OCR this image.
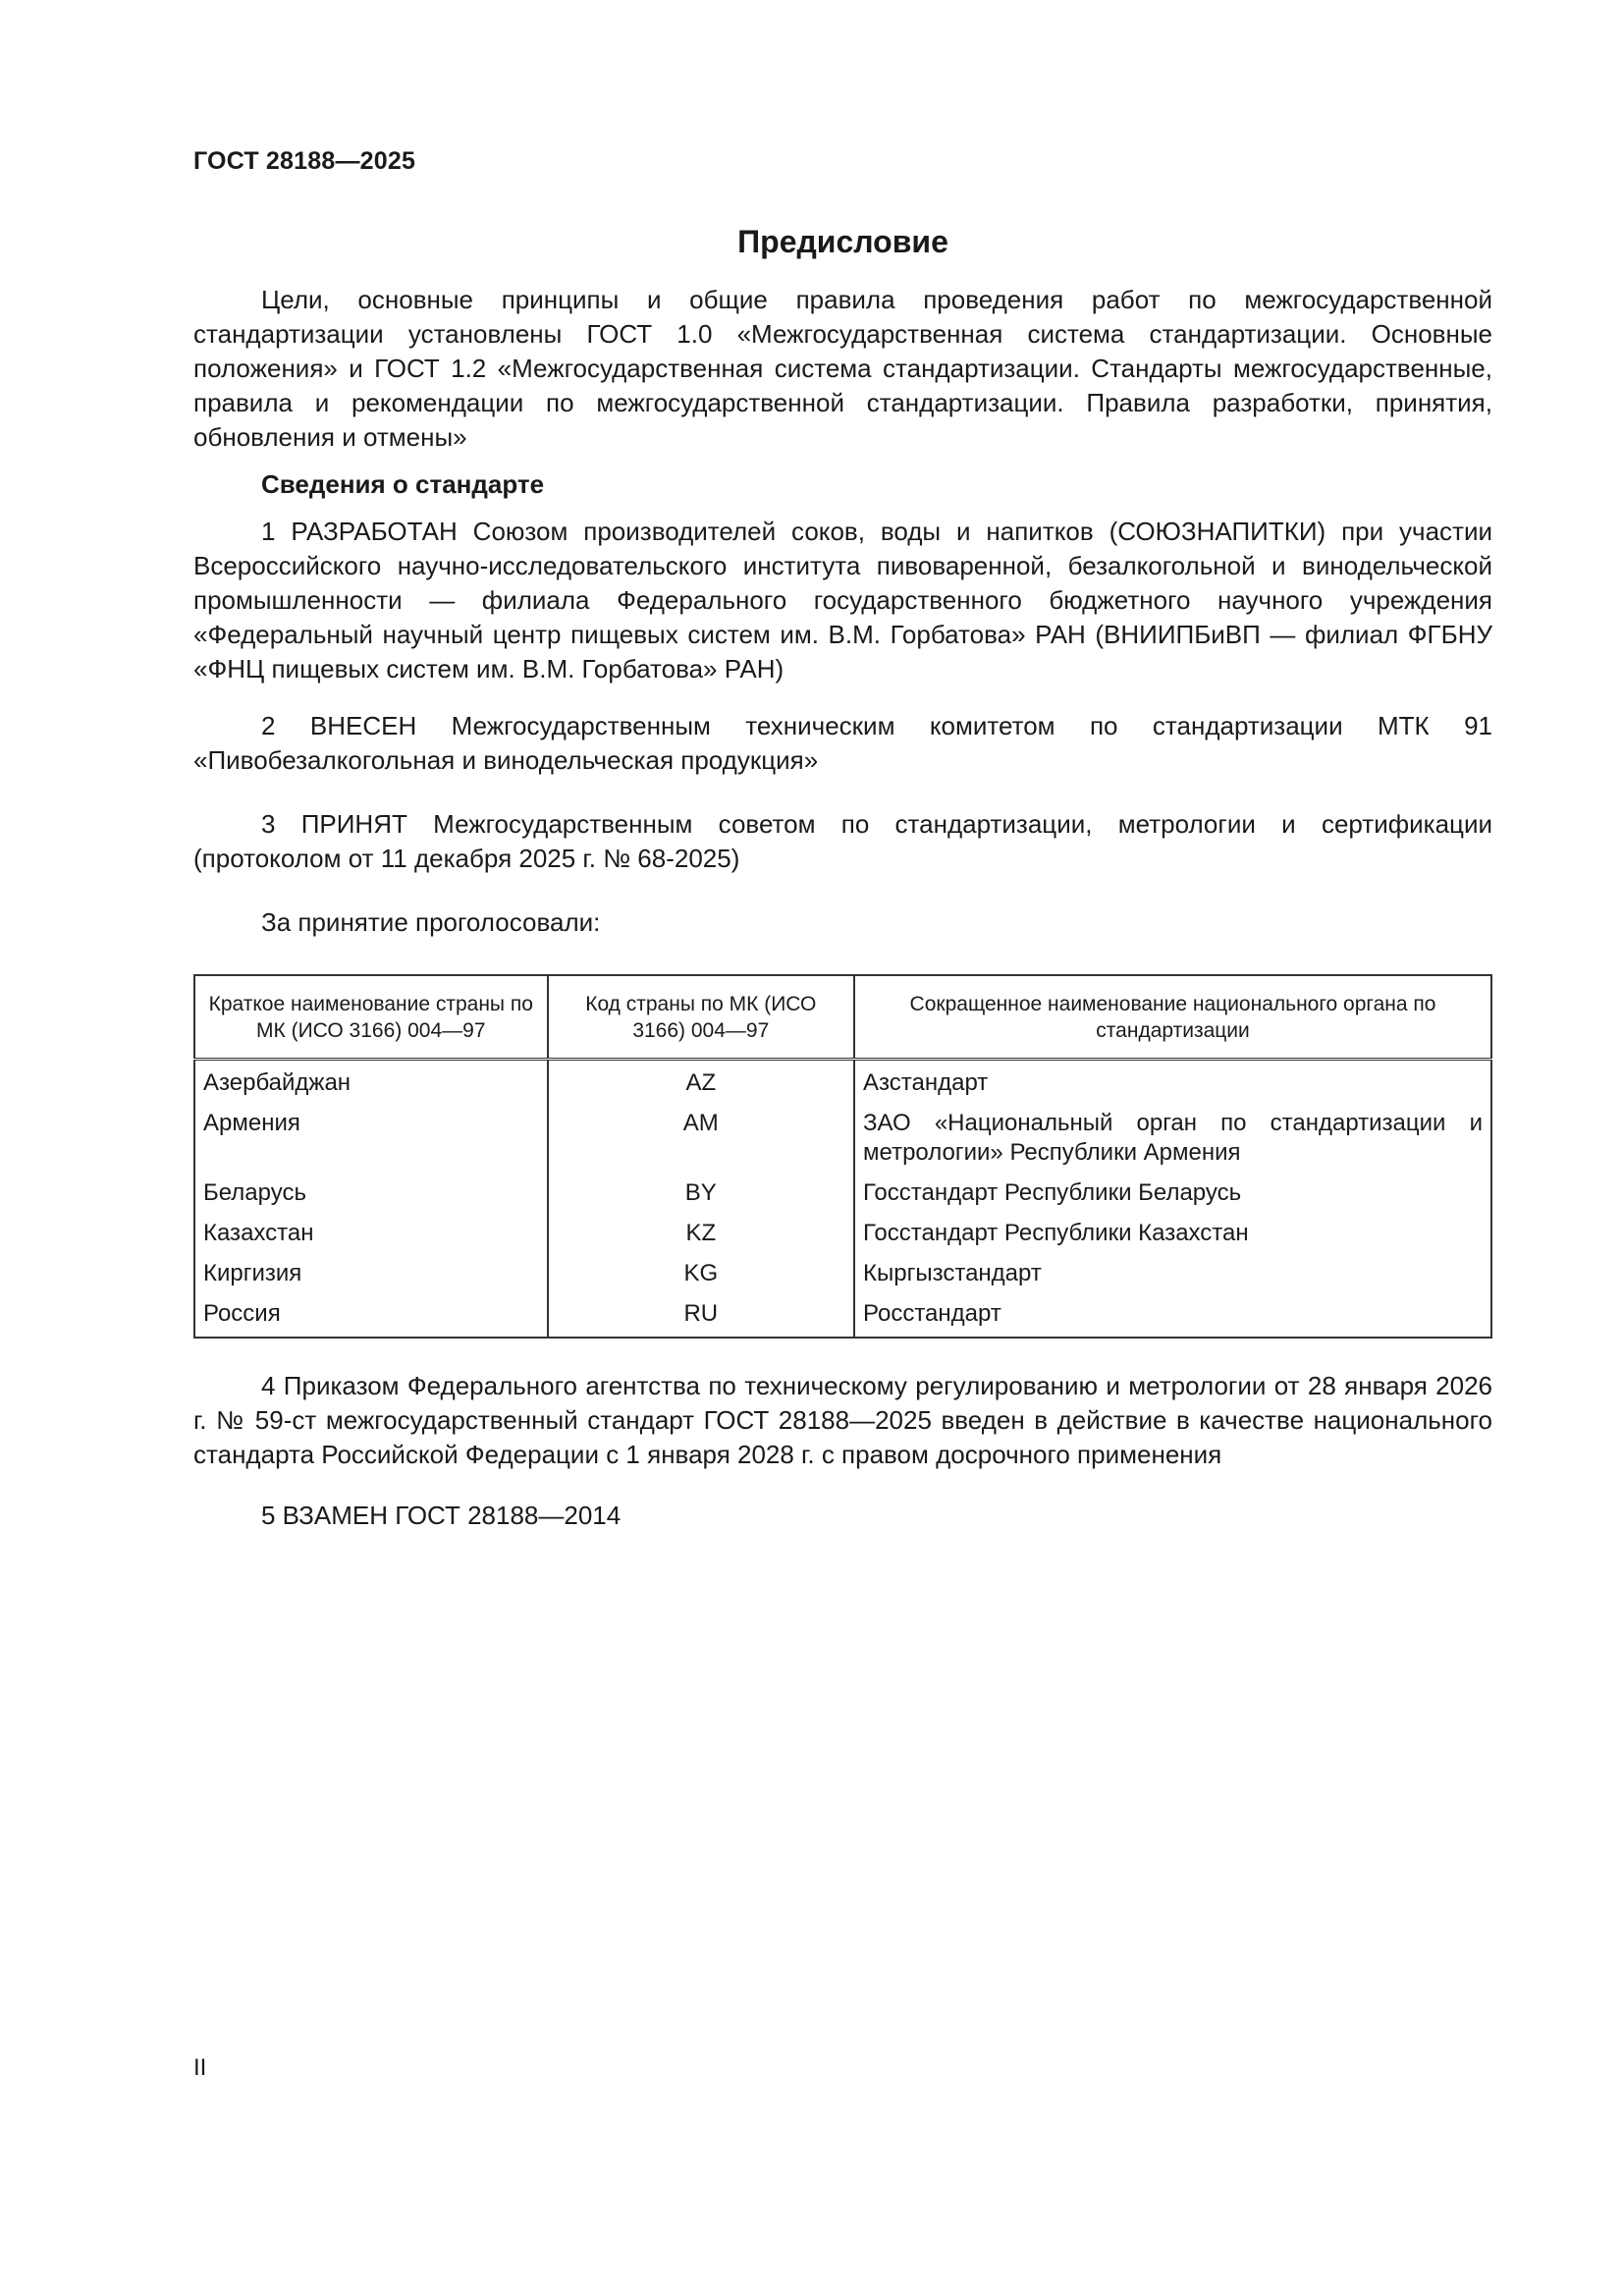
ГОСТ 28188—2025
Предисловие

Цели, основные принципы и общие правила проведения работ по межгосударственной стандартизации установлены ГОСТ 1.0 «Межгосударственная система стандартизации. Основные положения» и ГОСТ 1.2 «Межгосударственная система стандартизации. Стандарты межгосударственные, правила и рекомендации по межгосударственной стандартизации. Правила разработки, принятия, обновления и отмены»

Сведения о стандарте

1 РАЗРАБОТАН Союзом производителей соков, воды и напитков (СОЮЗНАПИТКИ) при участии Всероссийского научно-исследовательского института пивоваренной, безалкогольной и винодельческой промышленности — филиала Федерального государственного бюджетного научного учреждения «Федеральный научный центр пищевых систем им. В.М. Горбатова» РАН (ВНИИПБиВП — филиал ФГБНУ «ФНЦ пищевых систем им. В.М. Горбатова» РАН)

2 ВНЕСЕН Межгосударственным техническим комитетом по стандартизации МТК 91 «Пивобезалкогольная и винодельческая продукция»

3 ПРИНЯТ Межгосударственным советом по стандартизации, метрологии и сертификации (протоколом от 11 декабря 2025 г. № 68-2025)

За принятие проголосовали:

Краткое наименование страны по МК (ИСО 3166) 004—97	Код страны по МК (ИСО 3166) 004—97	Сокращенное наименование национального органа по стандартизации
Азербайджан	AZ	Азстандарт
Армения	AM	ЗАО «Национальный орган по стандартизации и метрологии» Республики Армения
Беларусь	BY	Госстандарт Республики Беларусь
Казахстан	KZ	Госстандарт Республики Казахстан
Киргизия	KG	Кыргызстандарт
Россия	RU	Росстандарт

4 Приказом Федерального агентства по техническому регулированию и метрологии от 28 января 2026 г. № 59-ст межгосударственный стандарт ГОСТ 28188—2025 введен в действие в качестве национального стандарта Российской Федерации с 1 января 2028 г. с правом досрочного применения

5 ВЗАМЕН ГОСТ 28188—2014

II
